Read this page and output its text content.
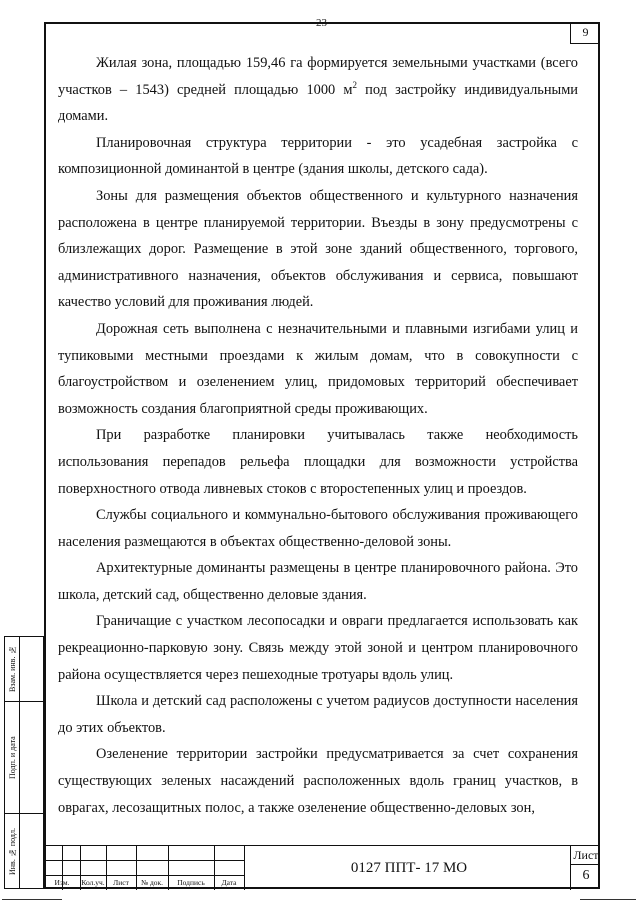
23
9

Жилая зона, площадью 159,46 га формируется земельными участками (всего участков – 1543) средней площадью 1000 $м^2$ под застройку индивидуальными домами.

Планировочная структура территории - это усадебная застройка с композиционной доминантой в центре (здания школы, детского сада).

Зоны для размещения объектов общественного и культурного назначения расположена в центре планируемой территории. Въезды в зону предусмотрены с близлежащих дорог. Размещение в этой зоне зданий общественного, торгового, административного назначения, объектов обслуживания и сервиса, повышают качество условий для проживания людей.

Дорожная сеть выполнена с незначительными и плавными изгибами улиц и тупиковыми местными проездами к жилым домам, что в совокупности с благоустройством и озеленением улиц, придомовых территорий обеспечивает возможность создания благоприятной среды проживающих.

При разработке планировки учитывалась также необходимость использования перепадов рельефа площадки для возможности устройства поверхностного отвода ливневых стоков с второстепенных улиц и проездов.

Службы социального и коммунально-бытового обслуживания проживающего населения размещаются в объектах общественно-деловой зоны.

Архитектурные доминанты размещены в центре планировочного района. Это школа, детский сад, общественно деловые здания.

Граничащие с участком лесопосадки и овраги предлагается использовать как рекреационно-парковую зону. Связь между этой зоной и центром планировочного района осуществляется через пешеходные тротуары вдоль улиц.

Школа и детский сад расположены с учетом радиусов доступности населения до этих объектов.

Озеленение территории застройки предусматривается за счет сохранения существующих зеленых насаждений расположенных вдоль границ участков, в оврагах, лесозащитных полос, а также озеленение общественно-деловых зон,

Взам. инв. №
Подп. и дата
Инв. № подл.
Изм.	Кол.уч.	Лист	№ док.	Подпись	Дата
0127 ППТ- 17 МО
Лист
6
